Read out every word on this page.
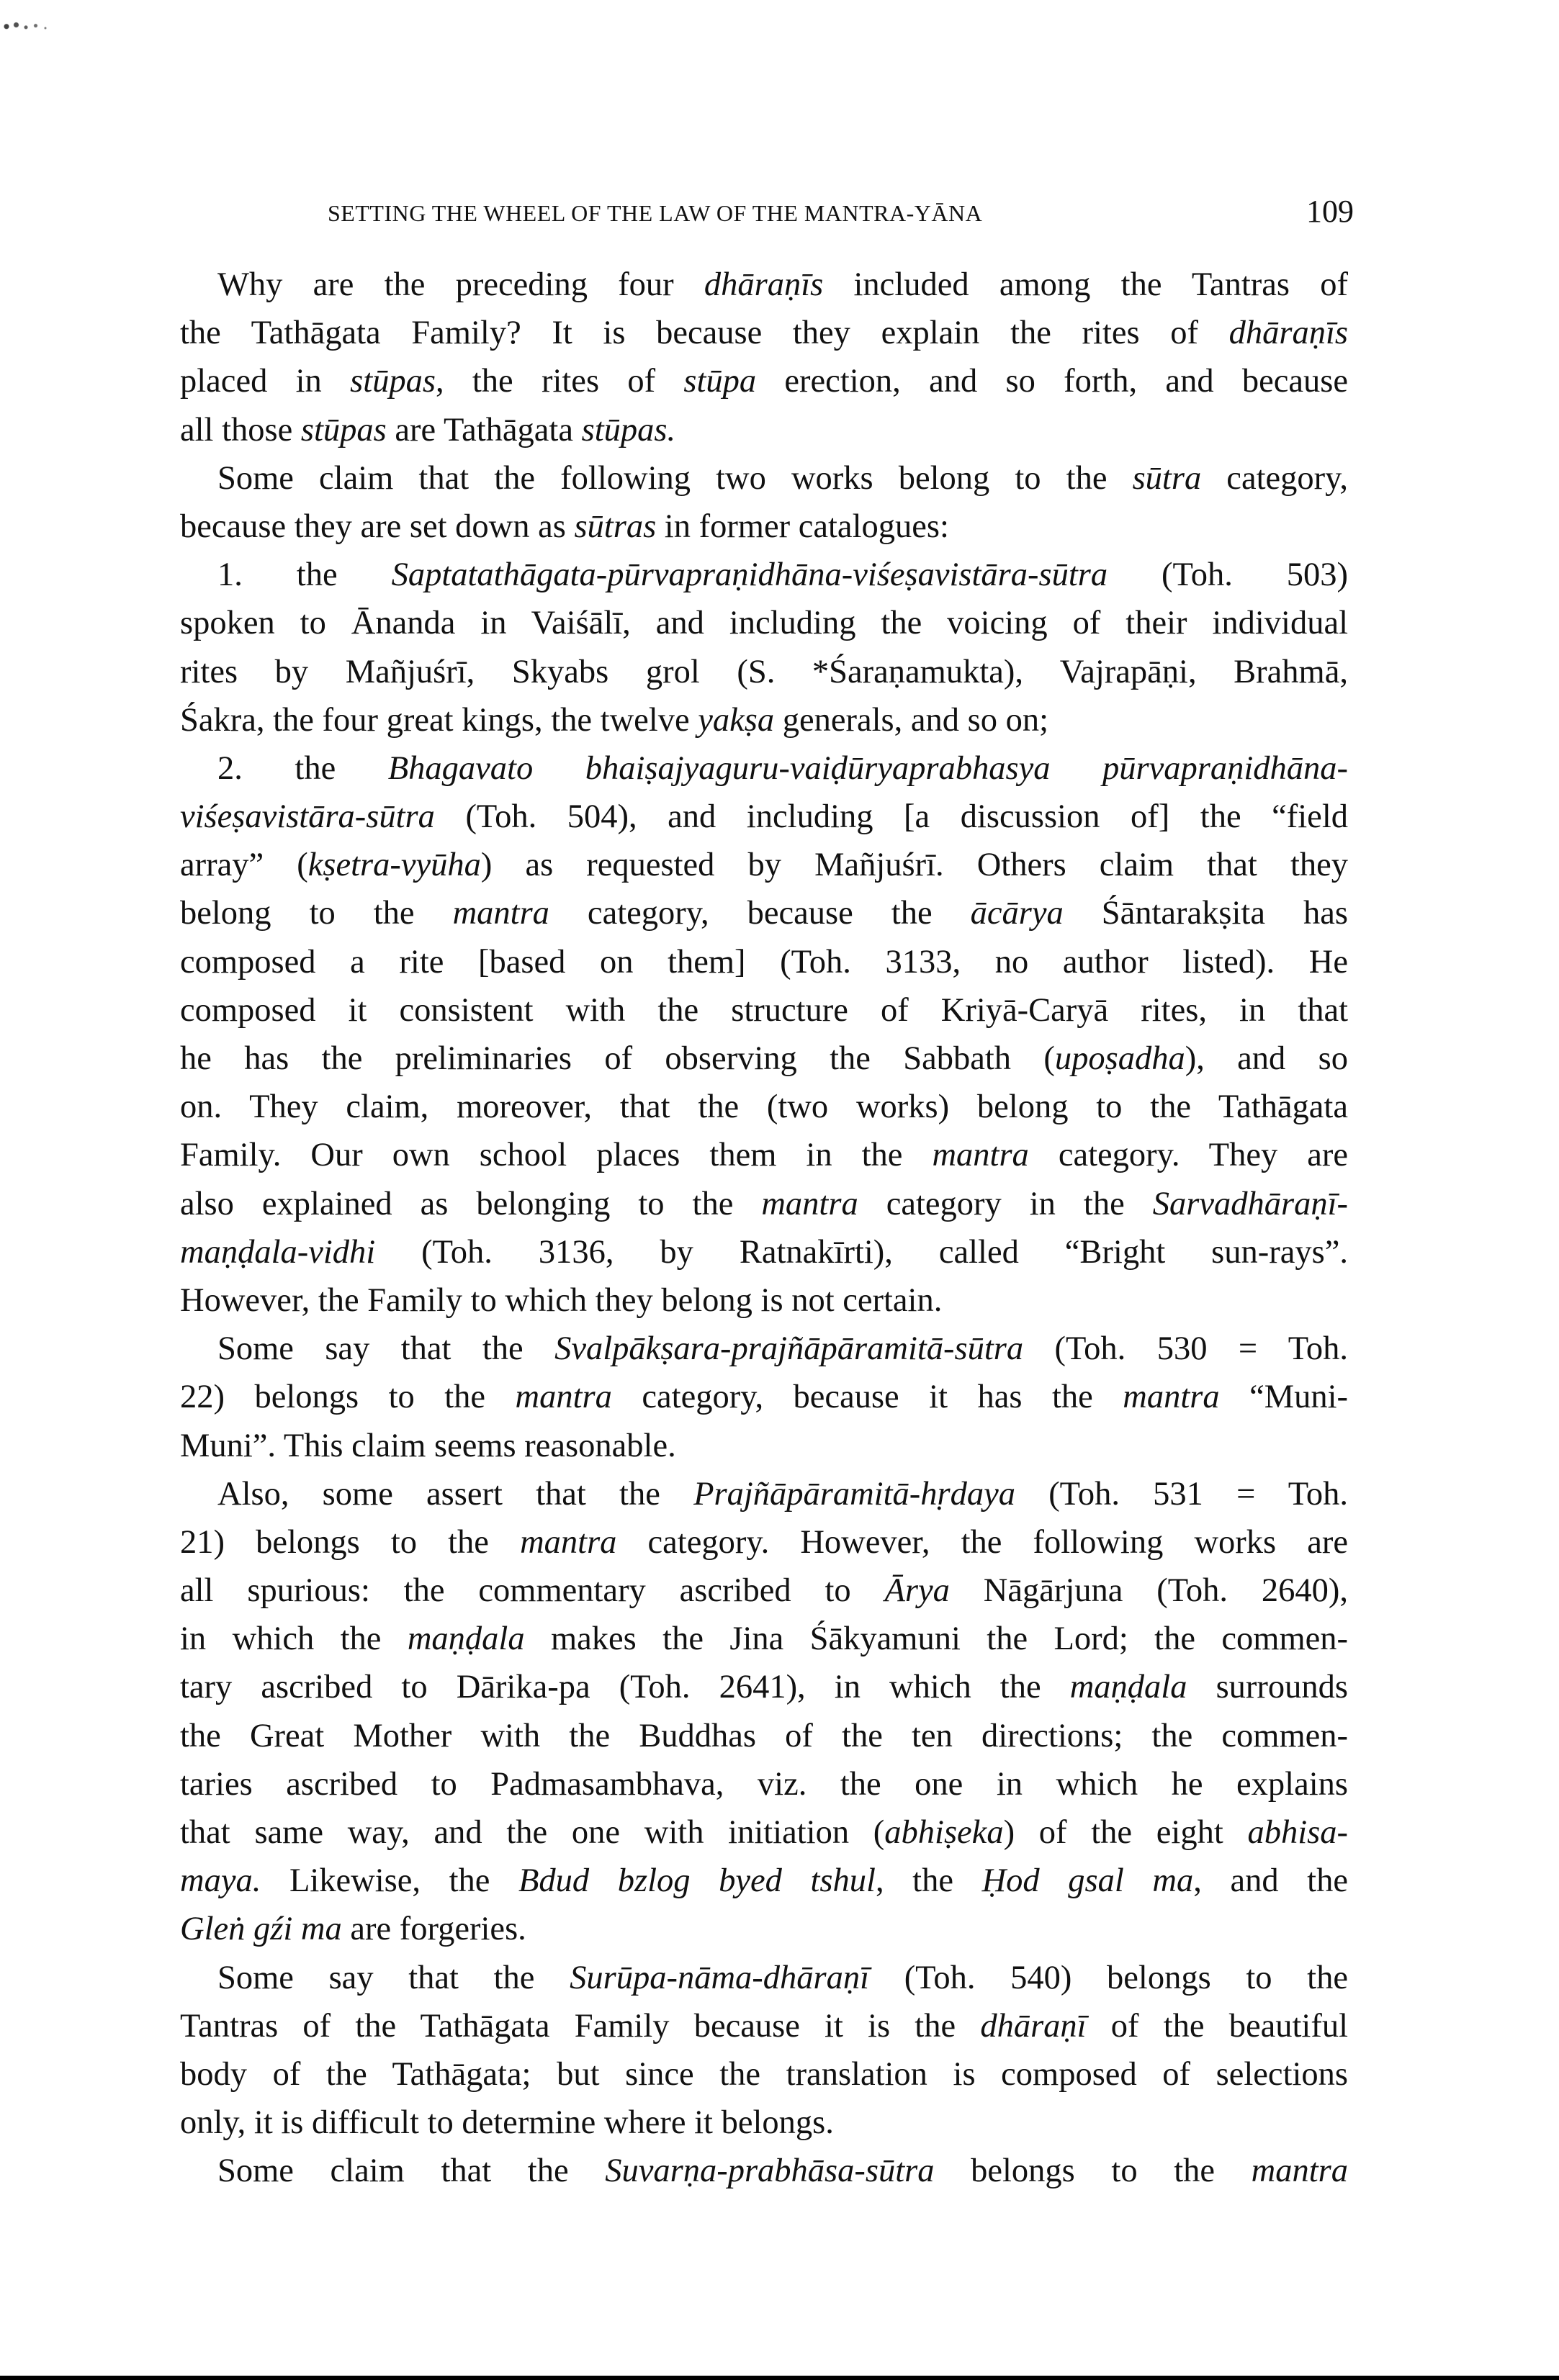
SETTING THE WHEEL OF THE LAW OF THE MANTRA-YĀNA	109
Why are the preceding four dhāraṇīs included among the Tantras of
the Tathāgata Family? It is because they explain the rites of dhāraṇīs
placed in stūpas, the rites of stūpa erection, and so forth, and because
all those stūpas are Tathāgata stūpas.
Some claim that the following two works belong to the sūtra category,
because they are set down as sūtras in former catalogues:
1. the Saptatathāgata-pūrvapraṇidhāna-viśeṣavistāra-sūtra (Toh. 503)
spoken to Ānanda in Vaiśālī, and including the voicing of their individual
rites by Mañjuśrī, Skyabs grol (S. *Śaraṇamukta), Vajrapāṇi, Brahmā,
Śakra, the four great kings, the twelve yakṣa generals, and so on;
2. the Bhagavato bhaiṣajyaguru-vaiḍūryaprabhasya pūrvapraṇidhāna-
viśeṣavistāra-sūtra (Toh. 504), and including [a discussion of] the “field
array” (kṣetra-vyūha) as requested by Mañjuśrī. Others claim that they
belong to the mantra category, because the ācārya Śāntarakṣita has
composed a rite [based on them] (Toh. 3133, no author listed). He
composed it consistent with the structure of Kriyā-Caryā rites, in that
he has the preliminaries of observing the Sabbath (upoṣadha), and so
on. They claim, moreover, that the (two works) belong to the Tathāgata
Family. Our own school places them in the mantra category. They are
also explained as belonging to the mantra category in the Sarvadhāraṇī-
maṇḍala-vidhi (Toh. 3136, by Ratnakīrti), called “Bright sun-rays”.
However, the Family to which they belong is not certain.
Some say that the Svalpākṣara-prajñāpāramitā-sūtra (Toh. 530 = Toh.
22) belongs to the mantra category, because it has the mantra “Muni-
Muni”. This claim seems reasonable.
Also, some assert that the Prajñāpāramitā-hṛdaya (Toh. 531 = Toh.
21) belongs to the mantra category. However, the following works are
all spurious: the commentary ascribed to Ārya Nāgārjuna (Toh. 2640),
in which the maṇḍala makes the Jina Śākyamuni the Lord; the commen-
tary ascribed to Dārika-pa (Toh. 2641), in which the maṇḍala surrounds
the Great Mother with the Buddhas of the ten directions; the commen-
taries ascribed to Padmasambhava, viz. the one in which he explains
that same way, and the one with initiation (abhiṣeka) of the eight abhisa-
maya. Likewise, the Bdud bzlog byed tshul, the Ḥod gsal ma, and the
Gleṅ gźi ma are forgeries.
Some say that the Surūpa-nāma-dhāraṇī (Toh. 540) belongs to the
Tantras of the Tathāgata Family because it is the dhāraṇī of the beautiful
body of the Tathāgata; but since the translation is composed of selections
only, it is difficult to determine where it belongs.
Some claim that the Suvarṇa-prabhāsa-sūtra belongs to the mantra
